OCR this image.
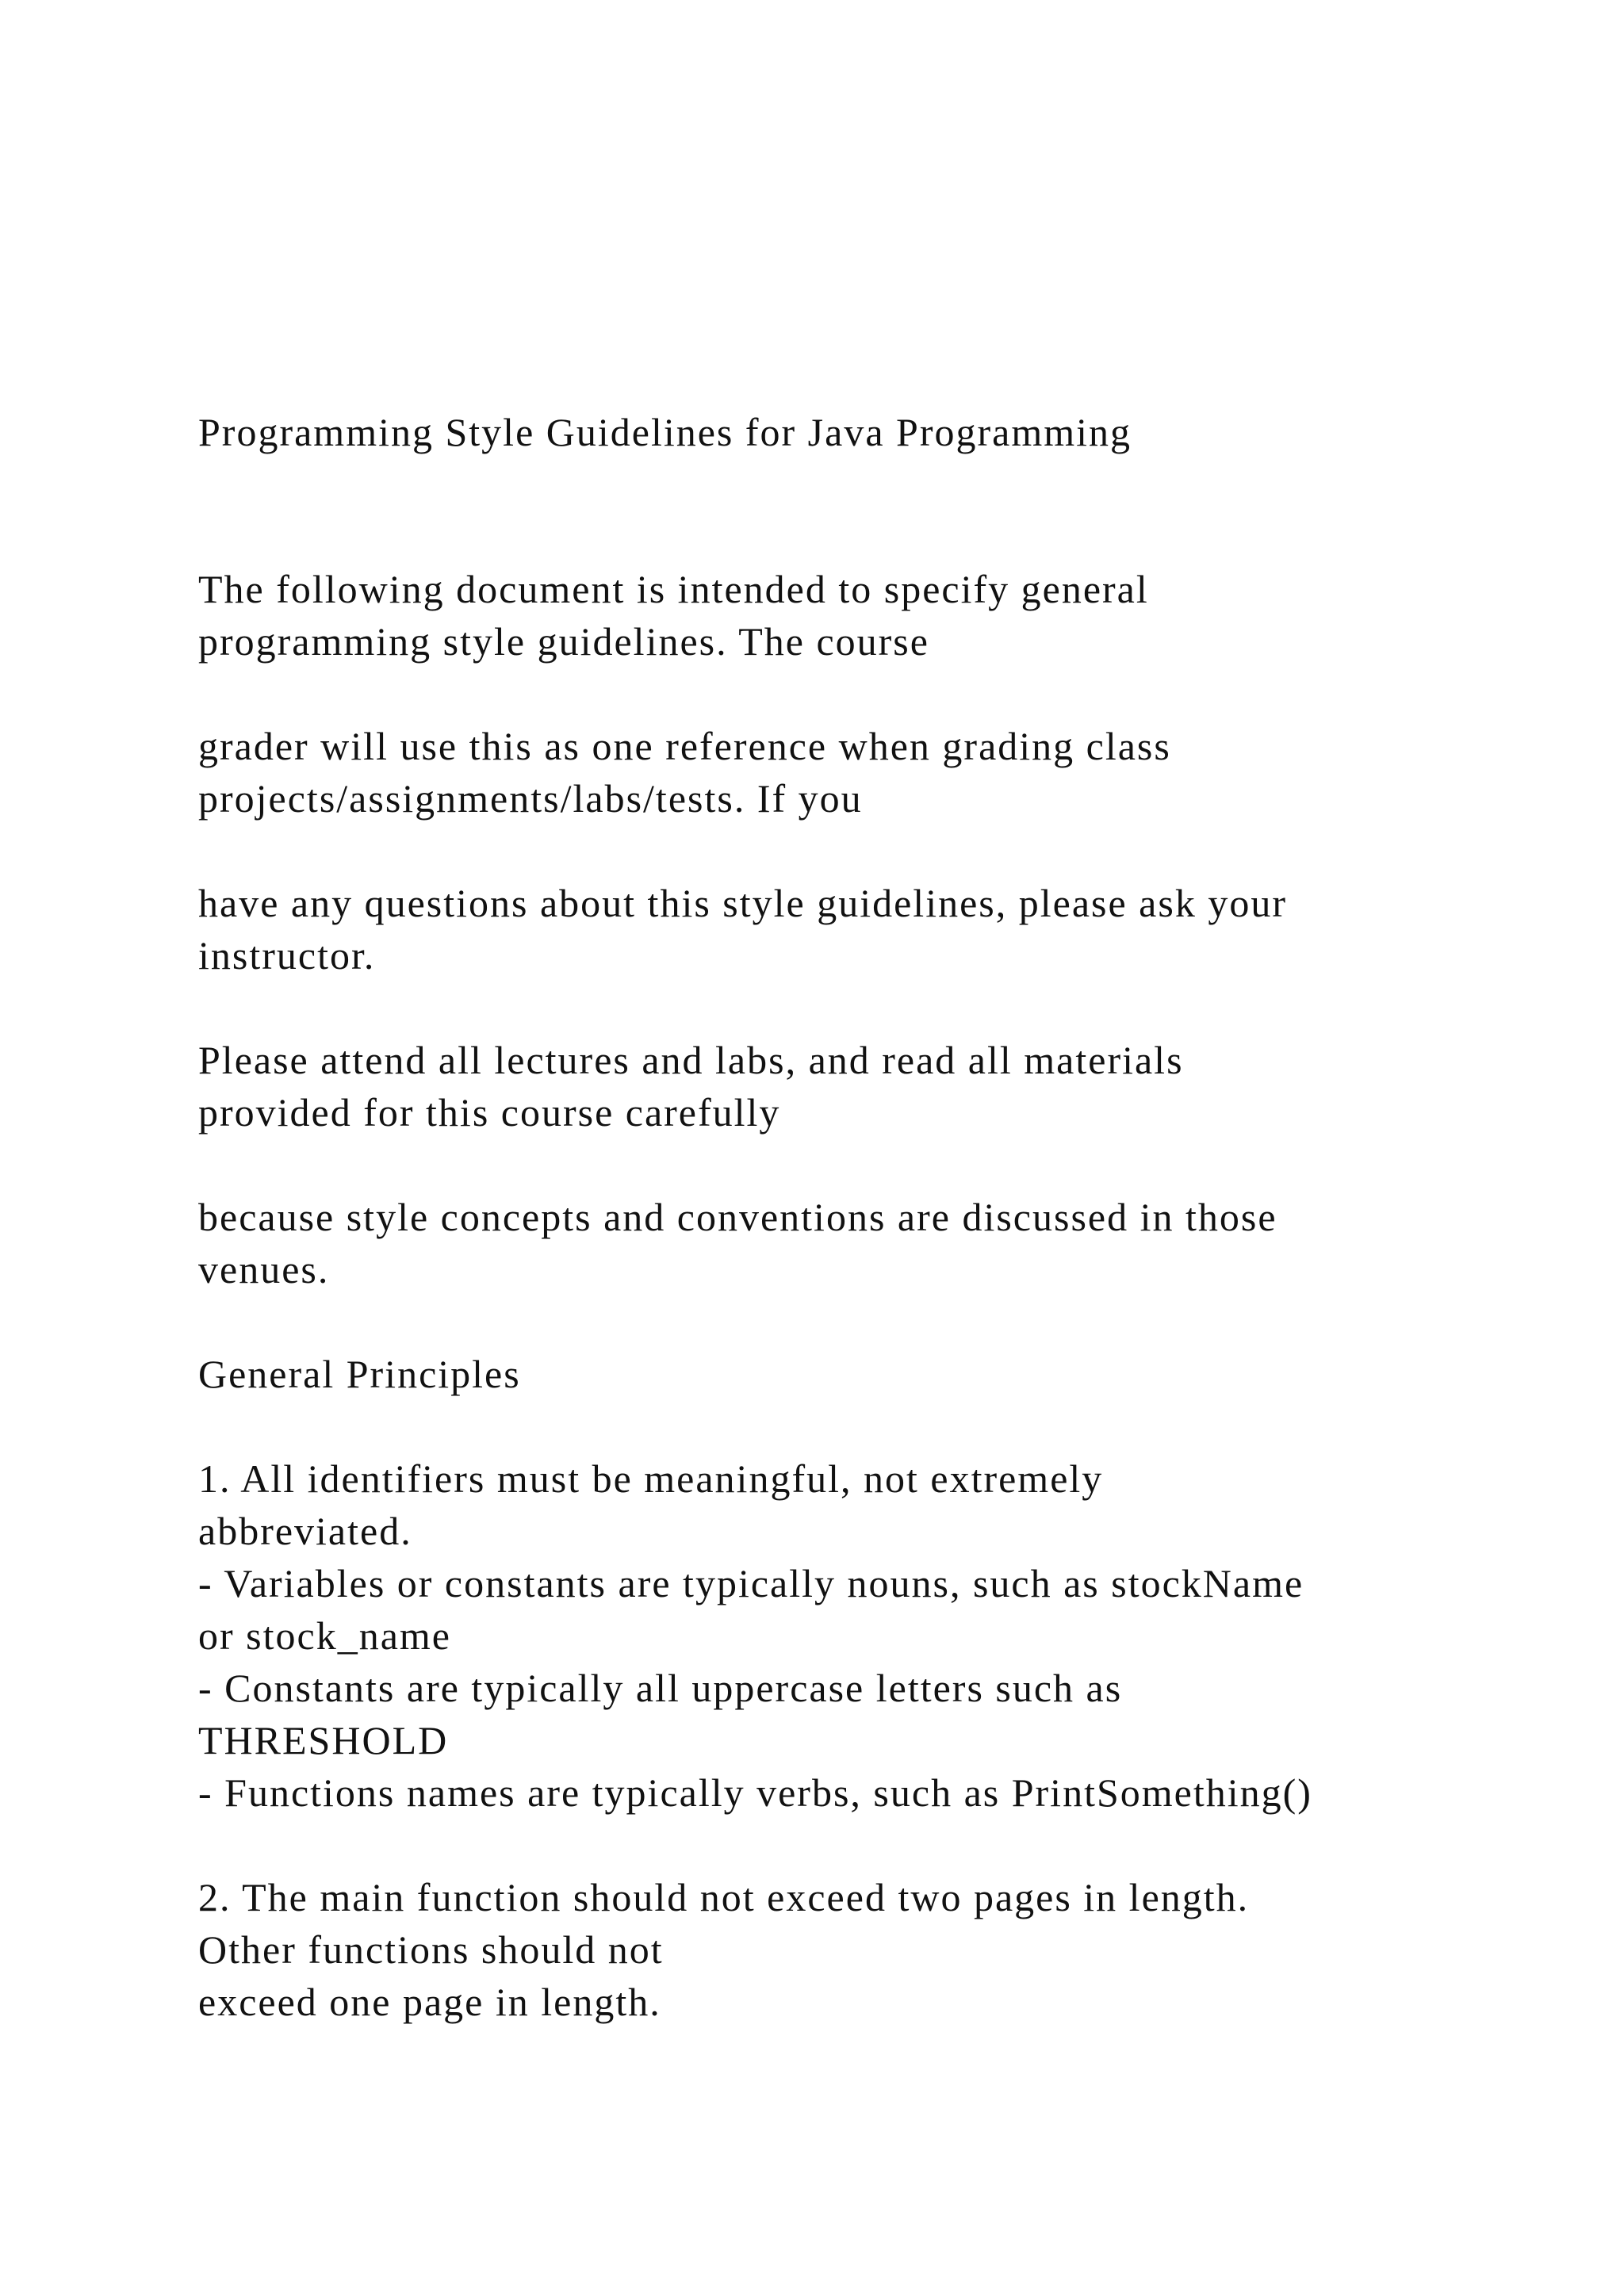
Programming Style Guidelines for Java Programming
The following document is intended to specify general
programming style guidelines. The course
grader will use this as one reference when grading class
projects/assignments/labs/tests. If you
have any questions about this style guidelines, please ask your
instructor.
Please attend all lectures and labs, and read all materials
provided for this course carefully
because style concepts and conventions are discussed in those
venues.
General Principles
1. All identifiers must be meaningful, not extremely
abbreviated.
- Variables or constants are typically nouns, such as stockName
or stock_name
- Constants are typically all uppercase letters such as
THRESHOLD
- Functions names are typically verbs, such as PrintSomething()
2. The main function should not exceed two pages in length.
Other functions should not
exceed one page in length.
